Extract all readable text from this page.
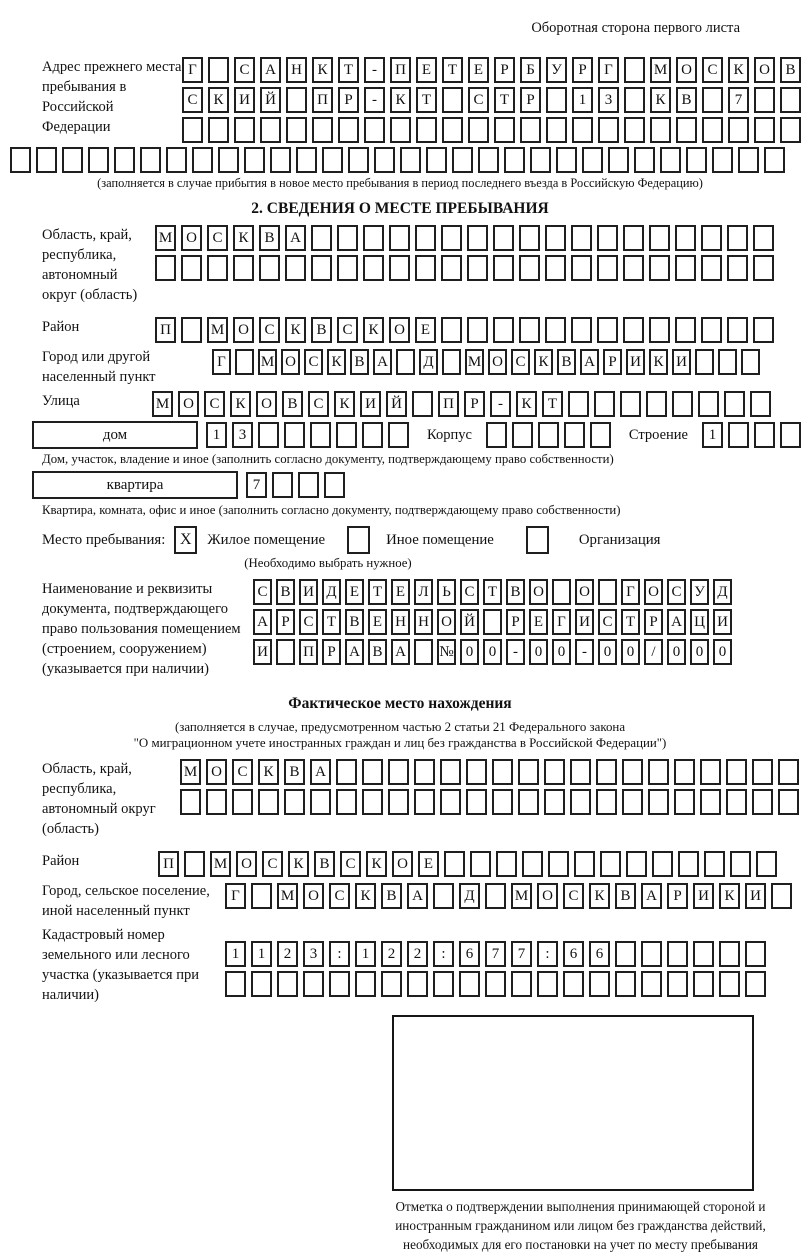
Оборотная сторона первого листа
Адрес прежнего места пребывания в Российской Федерации
Г	С	А	Н	К	Т	-	П	Е	Т	Е	Р	Б	У	Р	Г	М О	С	К	О	В
С	К	И	Й	П	Р	-	К	Т	С	Т	Р	1	3	К	В	7
(заполняется в случае прибытия в новое место пребывания в период последнего въезда в Российскую Федерацию)
2. СВЕДЕНИЯ О МЕСТЕ ПРЕБЫВАНИЯ
Область, край, республика, автономный округ (область)
М О	С	К	В	А
Район	П	М О	С	К	В	С	К	О	Е
Город или другой населенный пункт
Г	М О С К В А Д М О С К В А Р И К И
Улица	М О	С	К	О	В	С	К	И	Й	П	Р	-	К	Т
дом	1	3	Корпус	Строение	1
Дом, участок, владение и иное (заполнить согласно документу, подтверждающему право собственности)
квартира	7
Квартира, комната, офис и иное (заполнить согласно документу, подтверждающему право собственности)
Место пребывания: X Жилое помещение	Иное помещение	Организация
(Необходимо выбрать нужное)
Наименование и реквизиты документа, подтверждающего право пользования помещением (строением, сооружением) (указывается при наличии)
С В И Д Е Т Е Л Ь С Т В О О	Г О С У Д
А Р С Т В Е Н Н О Й	Р Е Г И С Т Р А Ц И
И П Р А В А № 0	0	-	0	0	-	0	0	/	0	0	0
Фактическое место нахождения
(заполняется в случае, предусмотренном частью 2 статьи 21 Федерального закона
"О миграционном учете иностранных граждан и лиц без гражданства в Российской Федерации")
Область, край, республика, автономный округ (область)
М О	С	К	В	А
Район	П	М О	С	К	В	С	К	О	Е
Город, сельское поселение, иной населенный пункт
Г	М О	С	К	В	А	Д	М О	С	К	В	А	Р	И	К	И
Кадастровый номер земельного или лесного участка (указывается при наличии)
1	1	2	3	:	1	2	2	:	6	7	7	:	6	6
Отметка о подтверждении выполнения принимающей стороной и иностранным гражданином или лицом без гражданства действий, необходимых для его постановки на учет по месту пребывания
